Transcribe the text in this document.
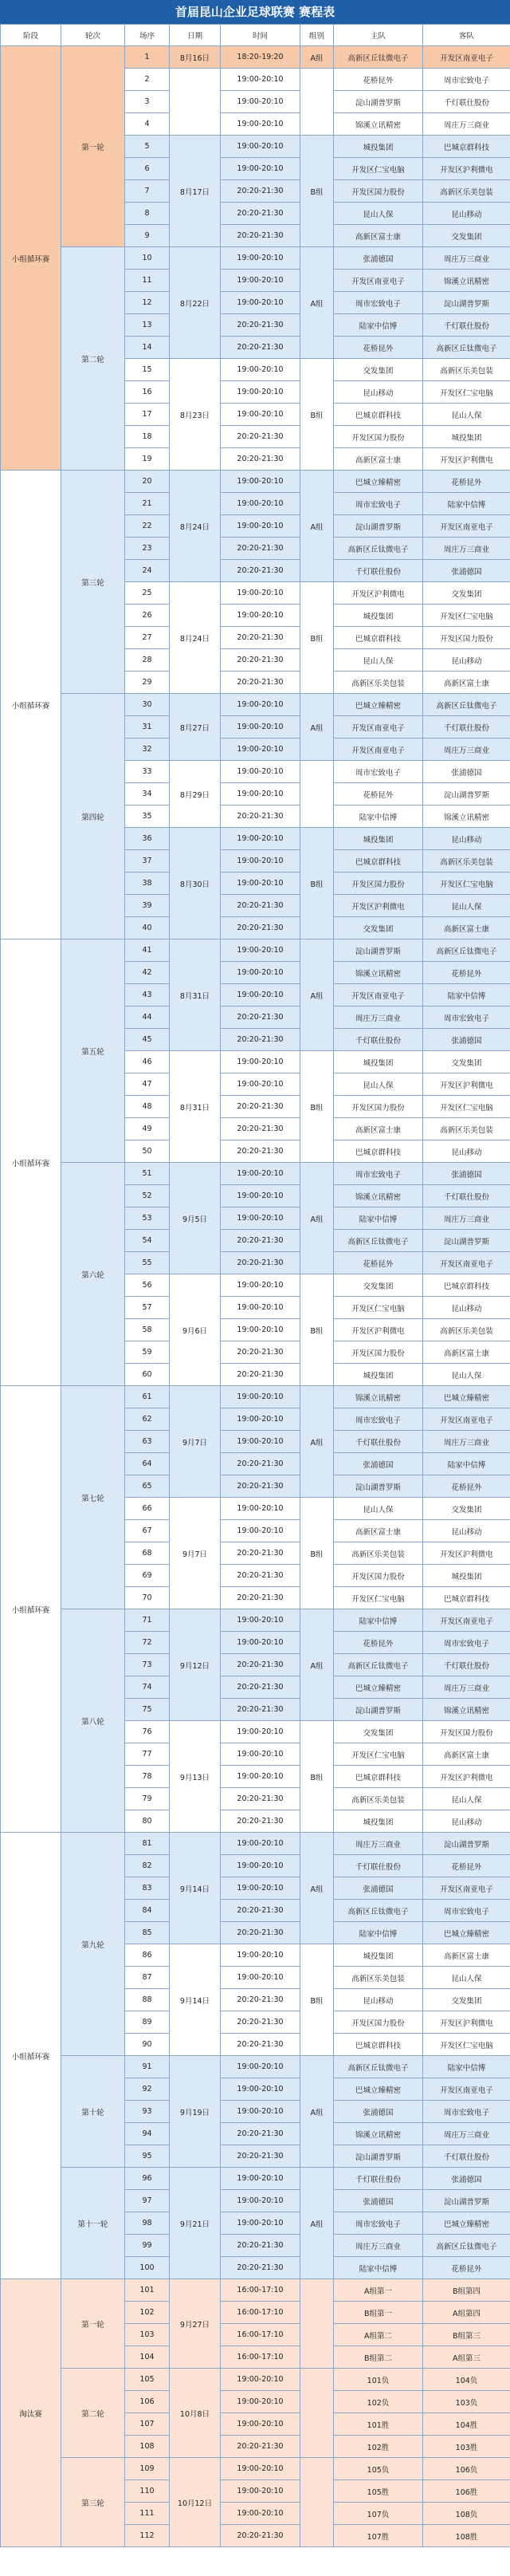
首届昆山企业足球联赛 赛程表
阶段	轮次	场序	日期	时间	组别	主队	客队
小组循环赛	第一轮	1	8月16日	18:20-19:20	A组	高新区丘钛微电子	开发区南亚电子
		2		19:00-20:10		花桥昆外	周市宏致电子
		3		19:00-20:10		淀山湖普罗斯	千灯联仕股份
		4		19:00-20:10		锦溪立讯精密	周庄万三商业
		5	8月17日	19:00-20:10	B组	城投集团	巴城京群科技
		6		19:00-20:10		开发区仁宝电脑	开发区沪利微电
		7		20:20-21:30		开发区国力股份	高新区乐美包装
		8		20:20-21:30		昆山人保	昆山移动
		9		20:20-21:30		高新区富士康	交发集团
	第二轮	10	8月22日	19:00-20:10	A组	张浦德国	周庄万三商业
		11		19:00-20:10		开发区南亚电子	锦溪立讯精密
		12		19:00-20:10		周市宏致电子	淀山湖普罗斯
		13		20:20-21:30		陆家中信博	千灯联仕股份
		14		20:20-21:30		花桥昆外	高新区丘钛微电子
		15	8月23日	19:00-20:10	B组	交发集团	高新区乐美包装
		16		19:00-20:10		昆山移动	开发区仁宝电脑
		17		19:00-20:10		巴城京群科技	昆山人保
		18		20:20-21:30		开发区国力股份	城投集团
		19		20:20-21:30		高新区富士康	开发区沪利微电
小组循环赛	第三轮	20	8月24日	19:00-20:10	A组	巴城立臻精密	花桥昆外
		21		19:00-20:10		周市宏致电子	陆家中信博
		22		19:00-20:10		淀山湖普罗斯	开发区南亚电子
		23		20:20-21:30		高新区丘钛微电子	周庄万三商业
		24		20:20-21:30		千灯联仕股份	张浦德国
		25	8月24日	19:00-20:10	B组	开发区沪利微电	交发集团
		26		19:00-20:10		城投集团	开发区仁宝电脑
		27		20:20-21:30		巴城京群科技	开发区国力股份
		28		20:20-21:30		昆山人保	昆山移动
		29		20:20-21:30		高新区乐美包装	高新区富士康
	第四轮	30	8月27日	19:00-20:10	A组	巴城立臻精密	高新区丘钛微电子
		31		19:00-20:10		开发区南亚电子	千灯联仕股份
		32		19:00-20:10		开发区南亚电子	周庄万三商业
		33	8月29日	19:00-20:10		周市宏致电子	张浦德国
		34		19:00-20:10		花桥昆外	淀山湖普罗斯
		35		20:20-21:30		陆家中信博	锦溪立讯精密
		36	8月30日	19:00-20:10	B组	城投集团	昆山移动
		37		19:00-20:10		巴城京群科技	高新区乐美包装
		38		19:00-20:10		开发区国力股份	开发区仁宝电脑
		39		20:20-21:30		开发区沪利微电	昆山人保
		40		20:20-21:30		交发集团	高新区富士康
小组循环赛	第五轮	41	8月31日	19:00-20:10	A组	淀山湖普罗斯	高新区丘钛微电子
		42		19:00-20:10		锦溪立讯精密	花桥昆外
		43		19:00-20:10		开发区南亚电子	陆家中信博
		44		20:20-21:30		周庄万三商业	周市宏致电子
		45		20:20-21:30		千灯联仕股份	张浦德国
		46	8月31日	19:00-20:10	B组	城投集团	交发集团
		47		19:00-20:10		昆山人保	开发区沪利微电
		48		20:20-21:30		开发区国力股份	开发区仁宝电脑
		49		20:20-21:30		高新区富士康	高新区乐美包装
		50		20:20-21:30		巴城京群科技	昆山移动
	第六轮	51	9月5日	19:00-20:10	A组	周市宏致电子	张浦德国
		52		19:00-20:10		锦溪立讯精密	千灯联仕股份
		53		19:00-20:10		陆家中信博	周庄万三商业
		54		20:20-21:30		高新区丘钛微电子	淀山湖普罗斯
		55		20:20-21:30		花桥昆外	开发区南亚电子
		56	9月6日	19:00-20:10	B组	交发集团	巴城京群科技
		57		19:00-20:10		开发区仁宝电脑	昆山移动
		58		19:00-20:10		开发区沪利微电	高新区乐美包装
		59		20:20-21:30		开发区国力股份	高新区富士康
		60		20:20-21:30		城投集团	昆山人保
小组循环赛	第七轮	61	9月7日	19:00-20:10	A组	锦溪立讯精密	巴城立臻精密
		62		19:00-20:10		周市宏致电子	开发区南亚电子
		63		19:00-20:10		千灯联仕股份	周庄万三商业
		64		20:20-21:30		张浦德国	陆家中信博
		65		20:20-21:30		淀山湖普罗斯	花桥昆外
		66	9月7日	19:00-20:10	B组	昆山人保	交发集团
		67		19:00-20:10		高新区富士康	昆山移动
		68		20:20-21:30		高新区乐美包装	开发区沪利微电
		69		20:20-21:30		开发区国力股份	城投集团
		70		20:20-21:30		开发区仁宝电脑	巴城京群科技
	第八轮	71	9月12日	19:00-20:10	A组	陆家中信博	开发区南亚电子
		72		19:00-20:10		花桥昆外	周市宏致电子
		73		20:20-21:30		高新区丘钛微电子	千灯联仕股份
		74		20:20-21:30		巴城立臻精密	周庄万三商业
		75		20:20-21:30		淀山湖普罗斯	锦溪立讯精密
		76	9月13日	19:00-20:10	B组	交发集团	开发区国力股份
		77		19:00-20:10		开发区仁宝电脑	高新区富士康
		78		19:00-20:10		巴城京群科技	开发区沪利微电
		79		20:20-21:30		高新区乐美包装	昆山人保
		80		20:20-21:30		城投集团	昆山移动
小组循环赛	第九轮	81	9月14日	19:00-20:10	A组	周庄万三商业	淀山湖普罗斯
		82		19:00-20:10		千灯联仕股份	花桥昆外
		83		19:00-20:10		张浦德国	开发区南亚电子
		84		20:20-21:30		高新区丘钛微电子	周市宏致电子
		85		20:20-21:30		陆家中信博	巴城立臻精密
		86	9月14日	19:00-20:10	B组	城投集团	高新区富士康
		87		19:00-20:10		高新区乐美包装	昆山人保
		88		20:20-21:30		昆山移动	交发集团
		89		20:20-21:30		开发区国力股份	开发区沪利微电
		90		20:20-21:30		巴城京群科技	开发区仁宝电脑
	第十轮	91	9月19日	19:00-20:10	A组	高新区丘钛微电子	陆家中信博
		92		19:00-20:10		巴城立臻精密	开发区南亚电子
		93		19:00-20:10		张浦德国	周市宏致电子
		94		20:20-21:30		锦溪立讯精密	周庄万三商业
		95		20:20-21:30		淀山湖普罗斯	千灯联仕股份
	第十一轮	96	9月21日	19:00-20:10	A组	千灯联仕股份	张浦德国
		97		19:00-20:10		张浦德国	淀山湖普罗斯
		98		19:00-20:10		周市宏致电子	巴城立臻精密
		99		20:20-21:30		周庄万三商业	高新区丘钛微电子
		100		20:20-21:30		陆家中信博	花桥昆外
淘汰赛	第一轮	101	9月27日	16:00-17:10		A组第一	B组第四
		102		16:00-17:10		B组第一	A组第四
		103		16:00-17:10		A组第二	B组第三
		104		16:00-17:10		B组第二	A组第三
	第二轮	105	10月8日	19:00-20:10		101负	104负
		106		19:00-20:10		102负	103负
		107		19:00-20:10		101胜	104胜
		108		20:20-21:30		102胜	103胜
	第三轮	109	10月12日	19:00-20:10		105负	106负
		110		19:00-20:10		105胜	106胜
		111		19:00-20:10		107负	108负
		112		20:20-21:30		107胜	108胜
